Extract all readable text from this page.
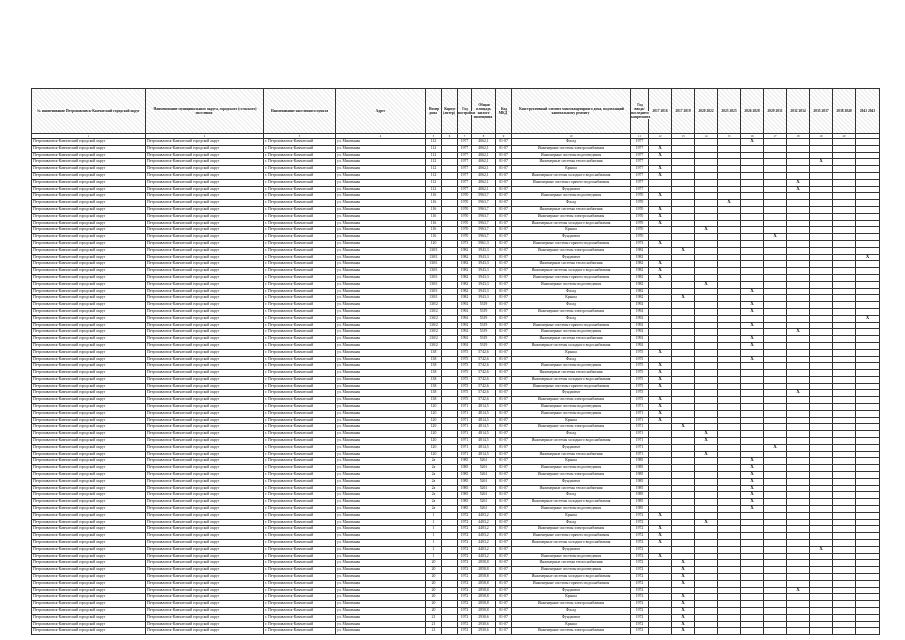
№ наименование Петропавловск-Камчатский городской округ	Наименование муниципального округа, городского (сельского) поселения	Наименование населенного пункта	Адрес	Номер дома	Корпус (литер)	Год постройки	Общая площадь жилого помещения	Код МКД	Конструктивный элемент многоквартирного дома, подлежащий капитальному ремонту	Год ввода/ последнего капремонта	2017 2016	2017 2019	2020 2022	2023 2025	2026 2028	2029 2031	2032 2034	2035 2037	2038 2040	2041 2043
1	2	3	4	5	6	7	8	9	10	11	12	13	14	15	16	17	18	19	20	
Петропавловск-Камчатский городской округ	Петропавловск-Камчатский городской округ	г. Петропавловск-Камчатский	ул. Мишенная	112		1977	4062,1	01-07	Фасад	1977					X					
Петропавловск-Камчатский городской округ	Петропавловск-Камчатский городской округ	г. Петропавловск-Камчатский	ул. Мишенная	112		1977	4062,1	01-07	Инженерные системы электроснабжения	1977	X									
Петропавловск-Камчатский городской округ	Петропавловск-Камчатский городской округ	г. Петропавловск-Камчатский	ул. Мишенная	112		1977	4062,1	01-07	Инженерные системы водоотведения	1977	X									
Петропавловск-Камчатский городской округ	Петропавловск-Камчатский городской округ	г. Петропавловск-Камчатский	ул. Мишенная	112		1977	4062,1	01-07	Инженерные системы теплоснабжения	1977								X		
Петропавловск-Камчатский городской округ	Петропавловск-Камчатский городской округ	г. Петропавловск-Камчатский	ул. Мишенная	112		1977	4062,1	01-07	Крыша	1977	X									
Петропавловск-Камчатский городской округ	Петропавловск-Камчатский городской округ	г. Петропавловск-Камчатский	ул. Мишенная	112		1977	4062,1	01-07	Инженерные системы холодного водоснабжения	1977	X									
Петропавловск-Камчатский городской округ	Петропавловск-Камчатский городской округ	г. Петропавловск-Камчатский	ул. Мишенная	112		1977	4062,1	01-07	Инженерные системы горячего водоснабжения	1977							X			
Петропавловск-Камчатский городской округ	Петропавловск-Камчатский городской округ	г. Петропавловск-Камчатский	ул. Мишенная	112		1977	4062,1	01-07	Фундамент	1977							X			
Петропавловск-Камчатский городской округ	Петропавловск-Камчатский городской округ	г. Петропавловск-Камчатский	ул. Мишенная	116		1970	5963,7	01-07	Инженерные системы водоотведения	1970	X									
Петропавловск-Камчатский городской округ	Петропавловск-Камчатский городской округ	г. Петропавловск-Камчатский	ул. Мишенная	116		1970	5963,7	01-07	Фасад	1970				X						
Петропавловск-Камчатский городской округ	Петропавловск-Камчатский городской округ	г. Петропавловск-Камчатский	ул. Мишенная	116		1970	5963,7	01-07	Инженерные системы теплоснабжения	1970	X									
Петропавловск-Камчатский городской округ	Петропавловск-Камчатский городской округ	г. Петропавловск-Камчатский	ул. Мишенная	116		1970	5963,7	01-07	Инженерные системы электроснабжения	1970	X									
Петропавловск-Камчатский городской округ	Петропавловск-Камчатский городской округ	г. Петропавловск-Камчатский	ул. Мишенная	116		1970	5963,7	01-07	Инженерные системы холодного водоснабжения	1970	X									
Петропавловск-Камчатский городской округ	Петропавловск-Камчатский городской округ	г. Петропавловск-Камчатский	ул. Мишенная	116		1970	5963,7	01-07	Крыша	1970			X							
Петропавловск-Камчатский городской округ	Петропавловск-Камчатский городской округ	г. Петропавловск-Камчатский	ул. Мишенная	116		1970	5963,7	01-07	Фундамент	1970						X				
Петропавловск-Камчатский городской округ	Петропавловск-Камчатский городской округ	г. Петропавловск-Камчатский	ул. Мишенная	120		1973	5961,3	01-07	Инженерные системы горячего водоснабжения	1973	X									
Петропавловск-Камчатский городской округ	Петропавловск-Камчатский городской округ	г. Петропавловск-Камчатский	ул. Мишенная	130/1		1982	3943,3	01-07	Инженерные системы электроснабжения	1982		X								
Петропавловск-Камчатский городской округ	Петропавловск-Камчатский городской округ	г. Петропавловск-Камчатский	ул. Мишенная	130/1		1982	3943,3	01-07	Фундамент	1982										X
Петропавловск-Камчатский городской округ	Петропавловск-Камчатский городской округ	г. Петропавловск-Камчатский	ул. Мишенная	130/1		1982	3943,3	01-07	Инженерные системы теплоснабжения	1982	X									
Петропавловск-Камчатский городской округ	Петропавловск-Камчатский городской округ	г. Петропавловск-Камчатский	ул. Мишенная	130/1		1982	3943,3	01-07	Инженерные системы холодного водоснабжения	1982	X									
Петропавловск-Камчатский городской округ	Петропавловск-Камчатский городской округ	г. Петропавловск-Камчатский	ул. Мишенная	130/1		1982	3943,3	01-07	Инженерные системы горячего водоснабжения	1982	X									
Петропавловск-Камчатский городской округ	Петропавловск-Камчатский городской округ	г. Петропавловск-Камчатский	ул. Мишенная	130/1		1982	3943,3	01-07	Инженерные системы водоотведения	1982			X							
Петропавловск-Камчатский городской округ	Петропавловск-Камчатский городской округ	г. Петропавловск-Камчатский	ул. Мишенная	130/1		1982	3943,3	01-07	Фасад	1982					X					
Петропавловск-Камчатский городской округ	Петропавловск-Камчатский городской округ	г. Петропавловск-Камчатский	ул. Мишенная	130/1		1982	3943,3	01-07	Крыша	1982		X								
Петропавловск-Камчатский городской округ	Петропавловск-Камчатский городской округ	г. Петропавловск-Камчатский	ул. Мишенная	130/2		1992	5319	01-07	Фасад	1992					X					
Петропавловск-Камчатский городской округ	Петропавловск-Камчатский городской округ	г. Петропавловск-Камчатский	ул. Мишенная	130/2		1992	5319	01-07	Инженерные системы электроснабжения	1992					X					
Петропавловск-Камчатский городской округ	Петропавловск-Камчатский городской округ	г. Петропавловск-Камчатский	ул. Мишенная	130/2		1992	5319	01-07	Фасад	1992										X
Петропавловск-Камчатский городской округ	Петропавловск-Камчатский городской округ	г. Петропавловск-Камчатский	ул. Мишенная	130/2		1992	5319	01-07	Инженерные системы горячего водоснабжения	1992					X					
Петропавловск-Камчатский городской округ	Петропавловск-Камчатский городской округ	г. Петропавловск-Камчатский	ул. Мишенная	130/2		1992	5319	01-07	Инженерные системы водоотведения	1992							X			
Петропавловск-Камчатский городской округ	Петропавловск-Камчатский городской округ	г. Петропавловск-Камчатский	ул. Мишенная	130/2		1992	5319	01-07	Инженерные системы теплоснабжения	1992					X					
Петропавловск-Камчатский городской округ	Петропавловск-Камчатский городской округ	г. Петропавловск-Камчатский	ул. Мишенная	130/2		1992	5319	01-07	Инженерные системы холодного водоснабжения	1992					X					
Петропавловск-Камчатский городской округ	Петропавловск-Камчатский городской округ	г. Петропавловск-Камчатский	ул. Мишенная	138		1975	5742,6	01-07	Крыша	1975	X									
Петропавловск-Камчатский городской округ	Петропавловск-Камчатский городской округ	г. Петропавловск-Камчатский	ул. Мишенная	138		1975	5742,6	01-07	Фасад	1975					X					
Петропавловск-Камчатский городской округ	Петропавловск-Камчатский городской округ	г. Петропавловск-Камчатский	ул. Мишенная	138		1975	5742,6	01-07	Инженерные системы водоотведения	1975	X									
Петропавловск-Камчатский городской округ	Петропавловск-Камчатский городской округ	г. Петропавловск-Камчатский	ул. Мишенная	138		1975	5742,6	01-07	Инженерные системы теплоснабжения	1975	X									
Петропавловск-Камчатский городской округ	Петропавловск-Камчатский городской округ	г. Петропавловск-Камчатский	ул. Мишенная	138		1975	5742,6	01-07	Инженерные системы холодного водоснабжения	1975	X									
Петропавловск-Камчатский городской округ	Петропавловск-Камчатский городской округ	г. Петропавловск-Камчатский	ул. Мишенная	138		1975	5742,6	01-07	Инженерные системы горячего водоснабжения	1975	X									
Петропавловск-Камчатский городской округ	Петропавловск-Камчатский городской округ	г. Петропавловск-Камчатский	ул. Мишенная	138		1975	5742,6	01-07	Фундамент	1975							X			
Петропавловск-Камчатский городской округ	Петропавловск-Камчатский городской округ	г. Петропавловск-Камчатский	ул. Мишенная	138		1975	5742,6	01-07	Инженерные системы электроснабжения	1975	X									
Петропавловск-Камчатский городской округ	Петропавловск-Камчатский городской округ	г. Петропавловск-Камчатский	ул. Мишенная	120		1971	4814,5	01-07	Инженерные системы водоотведения	1971	X									
Петропавловск-Камчатский городской округ	Петропавловск-Камчатский городской округ	г. Петропавловск-Камчатский	ул. Мишенная	120		1971	4814,5	01-07	Инженерные системы водоотведения	1971	X									
Петропавловск-Камчатский городской округ	Петропавловск-Камчатский городской округ	г. Петропавловск-Камчатский	ул. Мишенная	120		1971	4814,5	01-07	Крыша	1971	X									
Петропавловск-Камчатский городской округ	Петропавловск-Камчатский городской округ	г. Петропавловск-Камчатский	ул. Мишенная	120		1971	4814,5	01-07	Инженерные системы электроснабжения	1971		X								
Петропавловск-Камчатский городской округ	Петропавловск-Камчатский городской округ	г. Петропавловск-Камчатский	ул. Мишенная	120		1971	4814,5	01-07	Фасад	1971			X							
Петропавловск-Камчатский городской округ	Петропавловск-Камчатский городской округ	г. Петропавловск-Камчатский	ул. Мишенная	120		1971	4814,5	01-07	Инженерные системы холодного водоснабжения	1971			X							
Петропавловск-Камчатский городской округ	Петропавловск-Камчатский городской округ	г. Петропавловск-Камчатский	ул. Мишенная	120		1971	4814,5	01-07	Фундамент	1971						X				
Петропавловск-Камчатский городской округ	Петропавловск-Камчатский городской округ	г. Петропавловск-Камчатский	ул. Мишенная	120		1971	4814,5	01-07	Инженерные системы теплоснабжения	1971			X							
Петропавловск-Камчатский городской округ	Петропавловск-Камчатский городской округ	г. Петропавловск-Камчатский	ул. Мишенная	2а		1985	5261	01-07	Крыша	1985					X					
Петропавловск-Камчатский городской округ	Петропавловск-Камчатский городской округ	г. Петропавловск-Камчатский	ул. Мишенная	2а		1985	5261	01-07	Инженерные системы водоотведения	1985					X					
Петропавловск-Камчатский городской округ	Петропавловск-Камчатский городской округ	г. Петропавловск-Камчатский	ул. Мишенная	2а		1985	5261	01-07	Инженерные системы электроснабжения	1985					X					
Петропавловск-Камчатский городской округ	Петропавловск-Камчатский городской округ	г. Петропавловск-Камчатский	ул. Мишенная	2а		1985	5261	01-07	Фундамент	1985					X					
Петропавловск-Камчатский городской округ	Петропавловск-Камчатский городской округ	г. Петропавловск-Камчатский	ул. Мишенная	2а		1985	5261	01-07	Инженерные системы теплоснабжения	1985					X					
Петропавловск-Камчатский городской округ	Петропавловск-Камчатский городской округ	г. Петропавловск-Камчатский	ул. Мишенная	2а		1985	5261	01-07	Фасад	1985					X					
Петропавловск-Камчатский городской округ	Петропавловск-Камчатский городской округ	г. Петропавловск-Камчатский	ул. Мишенная	2а		1985	5261	01-07	Инженерные системы холодного водоснабжения	1985					X					
Петропавловск-Камчатский городской округ	Петропавловск-Камчатский городской округ	г. Петропавловск-Камчатский	ул. Мишенная	2а		1985	5261	01-07	Инженерные системы водоотведения	1985					X					
Петропавловск-Камчатский городской округ	Петропавловск-Камчатский городской округ	г. Петропавловск-Камчатский	ул. Мишенная	1		1972	4403,2	01-07	Крыша	1972	X									
Петропавловск-Камчатский городской округ	Петропавловск-Камчатский городской округ	г. Петропавловск-Камчатский	ул. Мишенная	1		1972	4403,2	01-07	Фасад	1972			X							
Петропавловск-Камчатский городской округ	Петропавловск-Камчатский городской округ	г. Петропавловск-Камчатский	ул. Мишенная	1		1972	4403,2	01-07	Инженерные системы электроснабжения	1972	X									
Петропавловск-Камчатский городской округ	Петропавловск-Камчатский городской округ	г. Петропавловск-Камчатский	ул. Мишенная	1		1972	4403,2	01-07	Инженерные системы горячего водоснабжения	1972	X									
Петропавловск-Камчатский городской округ	Петропавловск-Камчатский городской округ	г. Петропавловск-Камчатский	ул. Мишенная	1		1972	4403,2	01-07	Инженерные системы холодного водоснабжения	1972	X									
Петропавловск-Камчатский городской округ	Петропавловск-Камчатский городской округ	г. Петропавловск-Камчатский	ул. Мишенная	1		1972	4403,2	01-07	Фундамент	1972								X		
Петропавловск-Камчатский городской округ	Петропавловск-Камчатский городской округ	г. Петропавловск-Камчатский	ул. Мишенная	1		1972	4403,2	01-07	Инженерные системы водоотведения	1972	X									
Петропавловск-Камчатский городской округ	Петропавловск-Камчатский городской округ	г. Петропавловск-Камчатский	ул. Мишенная	20		1972	2858,8	01-07	Инженерные системы теплоснабжения	1972		X								
Петропавловск-Камчатский городской округ	Петропавловск-Камчатский городской округ	г. Петропавловск-Камчатский	ул. Мишенная	20		1972	2858,8	01-07	Инженерные системы водоотведения	1972		X								
Петропавловск-Камчатский городской округ	Петропавловск-Камчатский городской округ	г. Петропавловск-Камчатский	ул. Мишенная	20		1972	2858,8	01-07	Инженерные системы холодного водоснабжения	1972		X								
Петропавловск-Камчатский городской округ	Петропавловск-Камчатский городской округ	г. Петропавловск-Камчатский	ул. Мишенная	20		1972	2858,8	01-07	Инженерные системы горячего водоснабжения	1972		X								
Петропавловск-Камчатский городской округ	Петропавловск-Камчатский городской округ	г. Петропавловск-Камчатский	ул. Мишенная	20		1972	2858,8	01-07	Фундамент	1972							X			
Петропавловск-Камчатский городской округ	Петропавловск-Камчатский городской округ	г. Петропавловск-Камчатский	ул. Мишенная	20		1972	2858,8	01-07	Крыша	1972		X								
Петропавловск-Камчатский городской округ	Петропавловск-Камчатский городской округ	г. Петропавловск-Камчатский	ул. Мишенная	20		1972	2858,8	01-07	Инженерные системы электроснабжения	1972		X								
Петропавловск-Камчатский городской округ	Петропавловск-Камчатский городской округ	г. Петропавловск-Камчатский	ул. Мишенная	20		1972	2858,8	01-07	Фасад	1972		X								
Петропавловск-Камчатский городской округ	Петропавловск-Камчатский городской округ	г. Петропавловск-Камчатский	ул. Мишенная	21		1972	2930,6	01-07	Фундамент	1972		X								
Петропавловск-Камчатский городской округ	Петропавловск-Камчатский городской округ	г. Петропавловск-Камчатский	ул. Мишенная	21		1972	2930,6	01-07	Крыша	1972		X								
Петропавловск-Камчатский городской округ	Петропавловск-Камчатский городской округ	г. Петропавловск-Камчатский	ул. Мишенная	21		1972	2930,6	01-07	Инженерные системы электроснабжения	1972		X								
